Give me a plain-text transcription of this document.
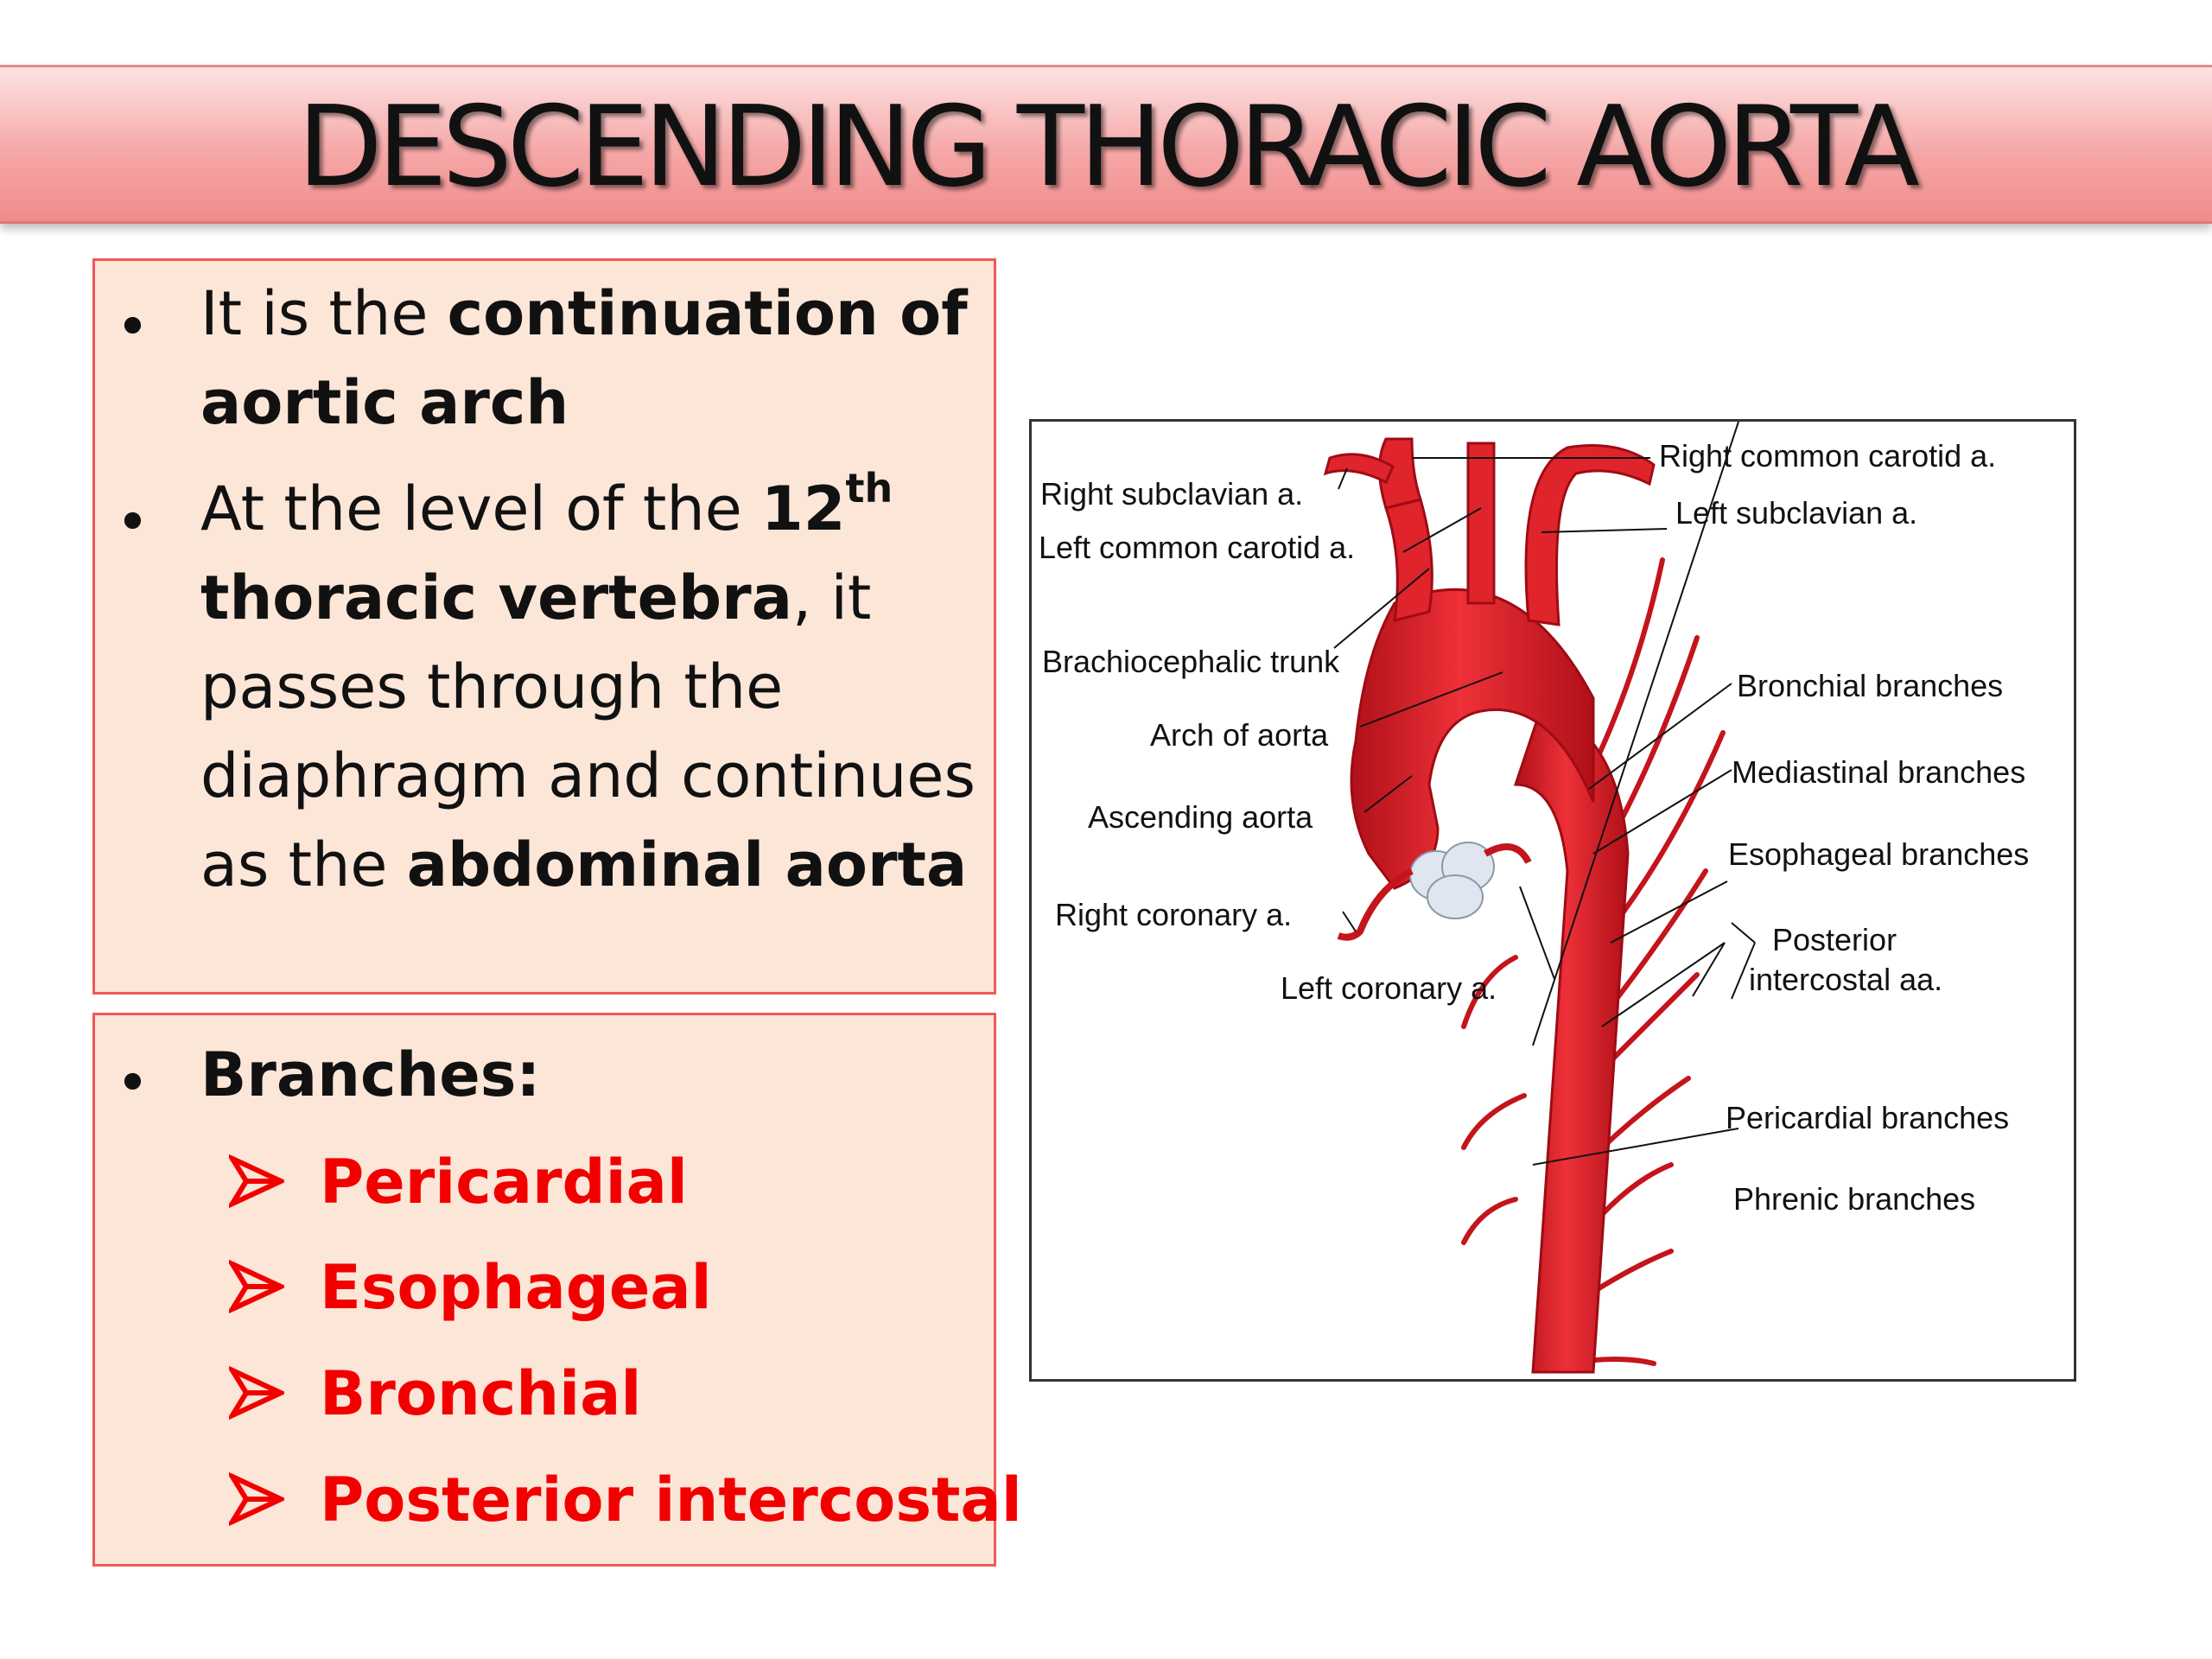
DESCENDING THORACIC AORTA
• It is the continuation of aortic arch
• At the level of the 12th thoracic vertebra, it passes through the diaphragm and continues as the abdominal aorta
• Branches:
Pericardial
Esophageal
Bronchial
Posterior intercostal
Right common carotid a.
Right subclavian a.
Left subclavian a.
Left common carotid a.
Brachiocephalic trunk
Bronchial branches
Arch of aorta
Mediastinal branches
Ascending aorta
Esophageal branches
Right coronary a.
Posterior
intercostal aa.
Left coronary a.
Pericardial branches
Phrenic branches
